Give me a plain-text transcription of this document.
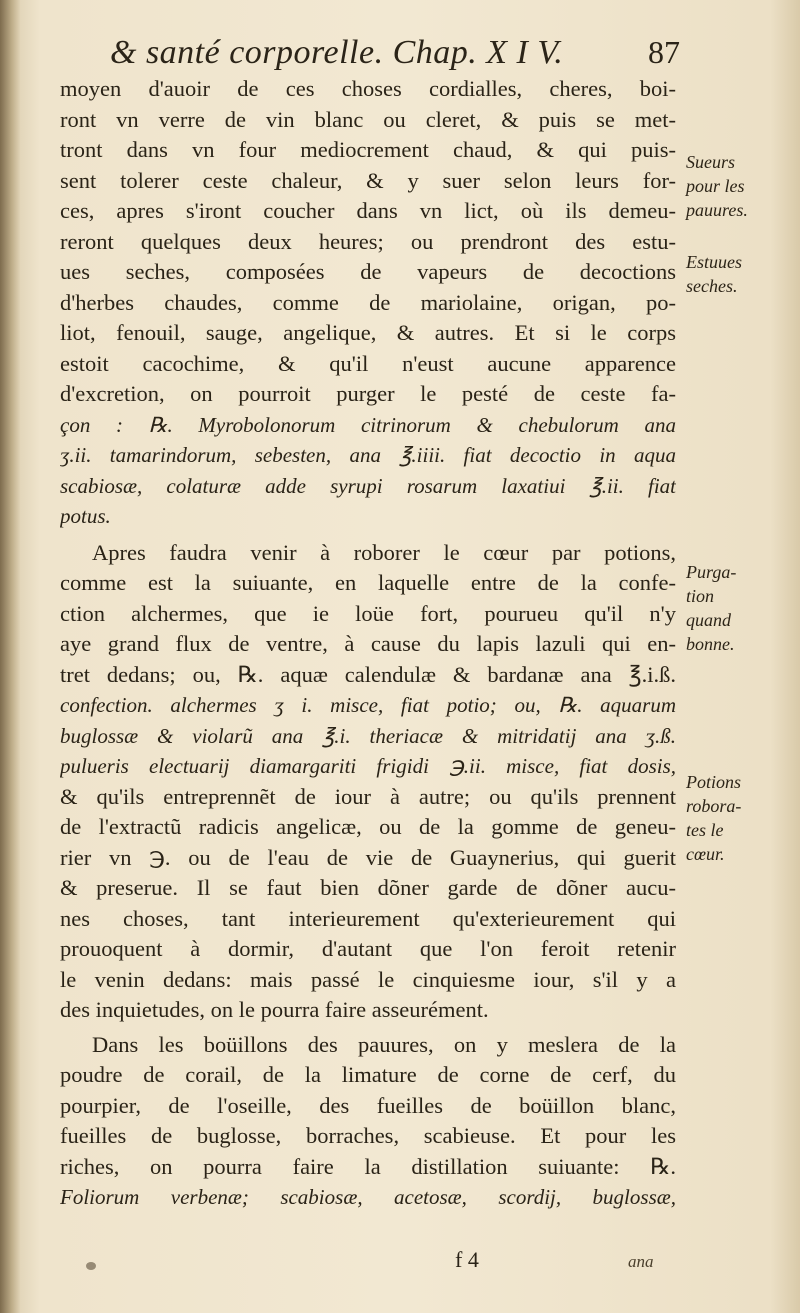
& santé corporelle. Chap. X I V.	87
moyen d'auoir de ces choses cordialles, cheres, boi-
ront vn verre de vin blanc ou cleret, & puis se met-
tront dans vn four mediocrement chaud, & qui puis-
sent tolerer ceste chaleur, & y suer selon leurs for-
ces, apres s'iront coucher dans vn lict, où ils demeu-
reront quelques deux heures; ou prendront des estu-
ues seches, composées de vapeurs de decoctions
d'herbes chaudes, comme de mariolaine, origan, po-
liot, fenouil, sauge, angelique, & autres. Et si le corps
estoit cacochime, & qu'il n'eust aucune apparence
d'excretion, on pourroit purger le pesté de ceste fa-
çon : ℞. Myrobolonorum citrinorum & chebulorum ana
ʒ.ii. tamarindorum, sebesten, ana ℥.iiii. fiat decoctio in aqua
scabiosæ, colaturæ adde syrupi rosarum laxatiui ℥.ii. fiat
potus.
Apres faudra venir à roborer le cœur par potions,
comme est la suiuante, en laquelle entre de la confe-
ction alchermes, que ie loüe fort, pourueu qu'il n'y
aye grand flux de ventre, à cause du lapis lazuli qui en-
tret dedans; ou, ℞. aquæ calendulæ & bardanæ ana ℥.i.ß.
confection. alchermes ʒ i. misce, fiat potio; ou, ℞. aquarum
buglossæ & violarũ ana ℥.i. theriacæ & mitridatij ana ʒ.ß.
pulueris electuarij diamargariti frigidi ℈.ii. misce, fiat dosis,
& qu'ils entreprennẽt de iour à autre; ou qu'ils prennent
de l'extractũ radicis angelicæ, ou de la gomme de geneu-
rier vn ℈. ou de l'eau de vie de Guaynerius, qui guerit
& preserue. Il se faut bien dõner garde de dõner aucu-
nes choses, tant interieurement qu'exterieurement qui
prouoquent à dormir, d'autant que l'on feroit retenir
le venin dedans: mais passé le cinquiesme iour, s'il y a
des inquietudes, on le pourra faire asseurément.
Dans les boüillons des pauures, on y meslera de la
poudre de corail, de la limature de corne de cerf, du
pourpier, de l'oseille, des fueilles de boüillon blanc,
fueilles de buglosse, borraches, scabieuse. Et pour les
riches, on pourra faire la distillation suiuante: ℞.
Foliorum verbenæ; scabiosæ, acetosæ, scordij, buglossæ,
Sueurs
pour les
pauures.
Estuues
seches.
Purga-
tion
quand
bonne.
Potions
robora-
tes le
cœur.
f 4	ana
